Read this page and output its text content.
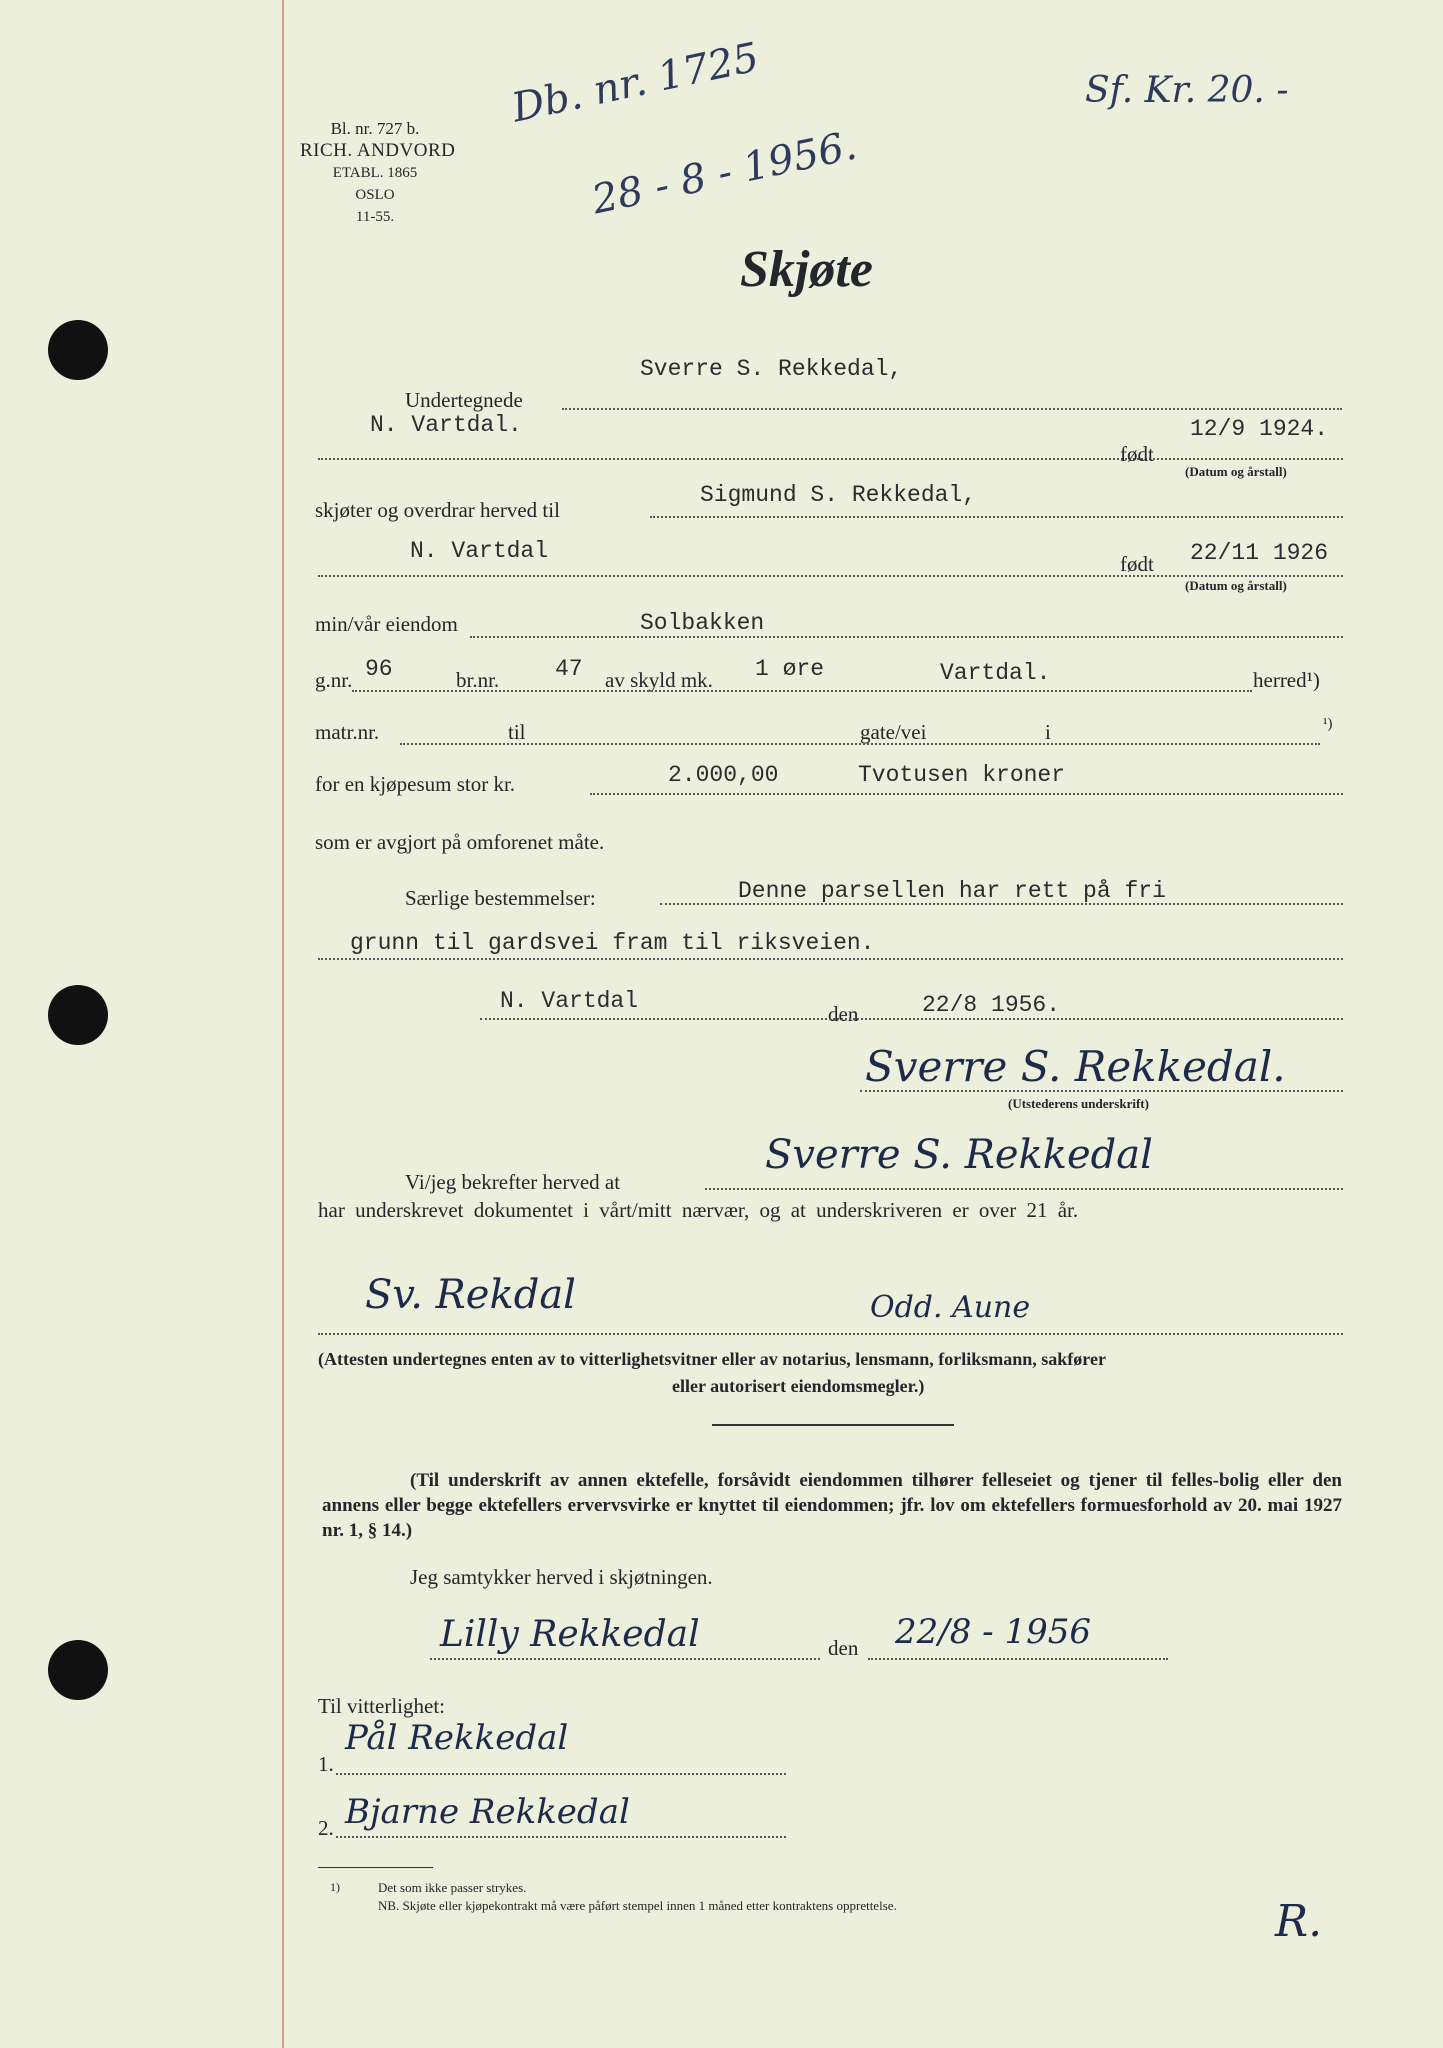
Bl. nr. 727 b.
RICH. ANDVORD
ETABL. 1865
OSLO
11-55.
Db. nr. 1725
28 - 8 - 1956.
Sf. Kr. 20. -
Skjøte
Sverre S. Rekkedal,
Undertegnede
N. Vartdal.	12/9 1924.
født
(Datum og årstall)
skjøter og overdrar herved til
Sigmund S. Rekkedal,
N. Vartdal	22/11 1926
født
(Datum og årstall)
min/vår eiendom	Solbakken
g.nr. 96	br.nr. 47 av skyld mk. 1 øre	Vartdal.	herred¹)
matr.nr.	til	gate/vei	i	¹)
for en kjøpesum stor kr.	2.000,00	Tvotusen kroner
som er avgjort på omforenet måte.
Særlige bestemmelser:	Denne parsellen har rett på fri
grunn til gardsvei fram til riksveien.
N. Vartdal	den	22/8 1956.
Sverre S. Rekkedal.
(Utstederens underskrift)
Vi/jeg bekrefter herved at
Sverre S. Rekkedal
har underskrevet dokumentet i vårt/mitt nærvær, og at underskriveren er over 21 år.
Sv. Rekdal	Odd. Aune
(Attesten undertegnes enten av to vitterlighetsvitner eller av notarius, lensmann, forliksmann, sakfører
eller autorisert eiendomsmegler.)
(Til underskrift av annen ektefelle, forsåvidt eiendommen tilhører felleseiet og tjener til felles-bolig eller den annens eller begge ektefellers ervervsvirke er knyttet til eiendommen; jfr. lov om ektefellers formuesforhold av 20. mai 1927 nr. 1, § 14.)
Jeg samtykker herved i skjøtningen.
Lilly Rekkedal	den 22/8 - 1956
Til vitterlighet:
1.
Pål Rekkedal
2. Bjarne Rekkedal
1)	Det som ikke passer strykes.
NB. Skjøte eller kjøpekontrakt må være påført stempel innen 1 måned etter kontraktens opprettelse.	R.
